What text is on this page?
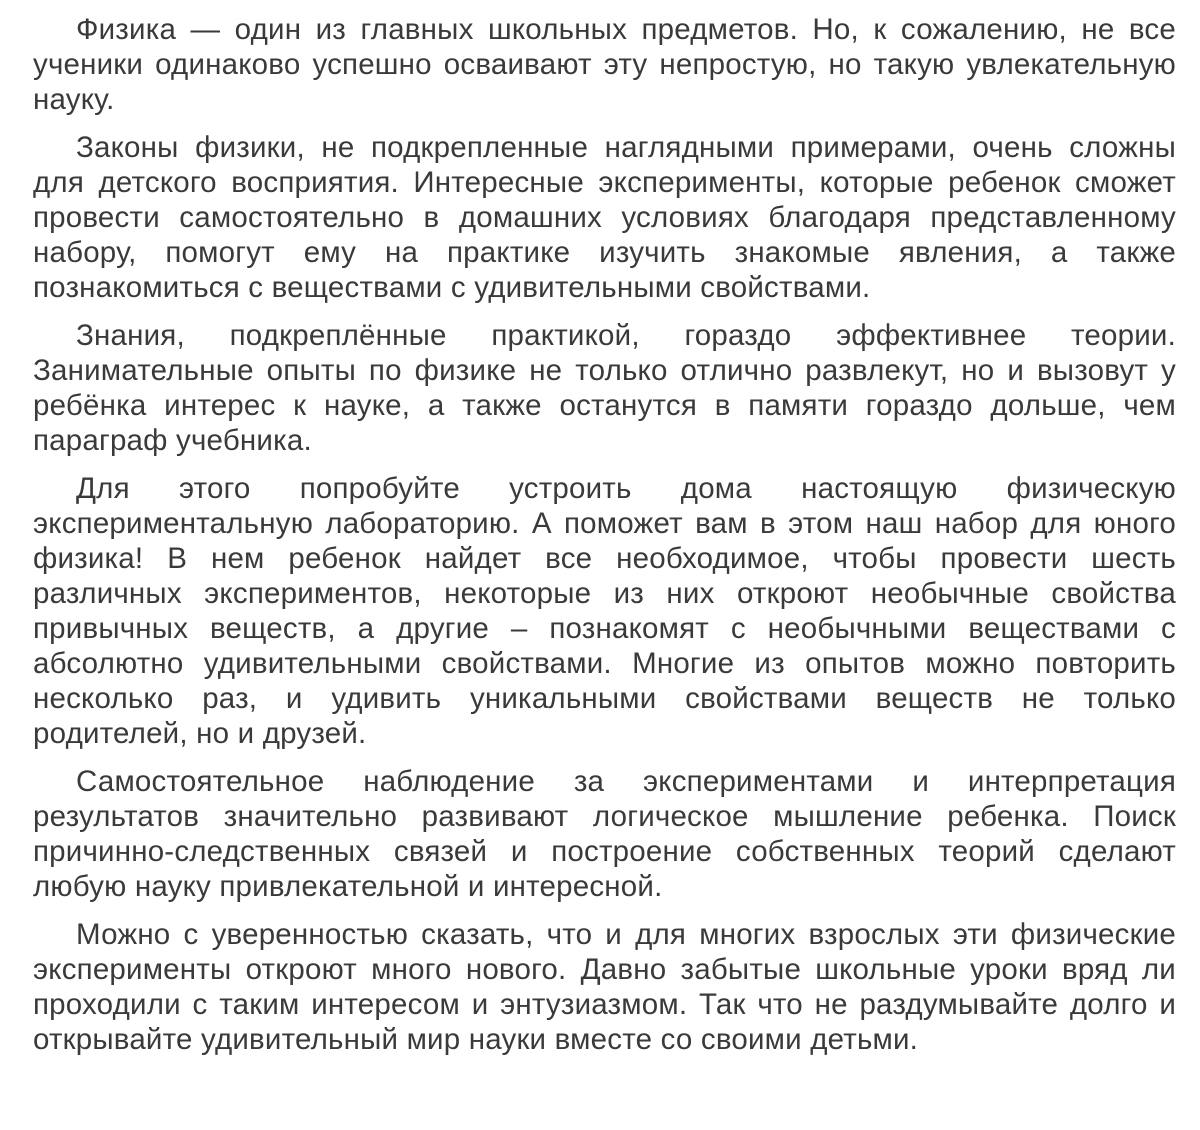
Физика — один из главных школьных предметов. Но, к сожалению, не все ученики одинаково успешно осваивают эту непростую, но такую увлекательную науку.

Законы физики, не подкрепленные наглядными примерами, очень сложны для детского восприятия. Интересные эксперименты, которые ребенок сможет провести самостоятельно в домашних условиях благодаря представленному набору, помогут ему на практике изучить знакомые явления, а также познакомиться с веществами с удивительными свойствами.

Знания, подкреплённые практикой, гораздо эффективнее теории. Занимательные опыты по физике не только отлично развлекут, но и вызовут у ребёнка интерес к науке, а также останутся в памяти гораздо дольше, чем параграф учебника.

Для этого попробуйте устроить дома настоящую физическую экспериментальную лабораторию. А поможет вам в этом наш набор для юного физика! В нем ребенок найдет все необходимое, чтобы провести шесть различных экспериментов, некоторые из них откроют необычные свойства привычных веществ, а другие – познакомят с необычными веществами с абсолютно удивительными свойствами. Многие из опытов можно повторить несколько раз, и удивить уникальными свойствами веществ не только родителей, но и друзей.

Самостоятельное наблюдение за экспериментами и интерпретация результатов значительно развивают логическое мышление ребенка. Поиск причинно-следственных связей и построение собственных теорий сделают любую науку привлекательной и интересной.

Можно с уверенностью сказать, что и для многих взрослых эти физические эксперименты откроют много нового. Давно забытые школьные уроки вряд ли проходили с таким интересом и энтузиазмом. Так что не раздумывайте долго и открывайте удивительный мир науки вместе со своими детьми.
